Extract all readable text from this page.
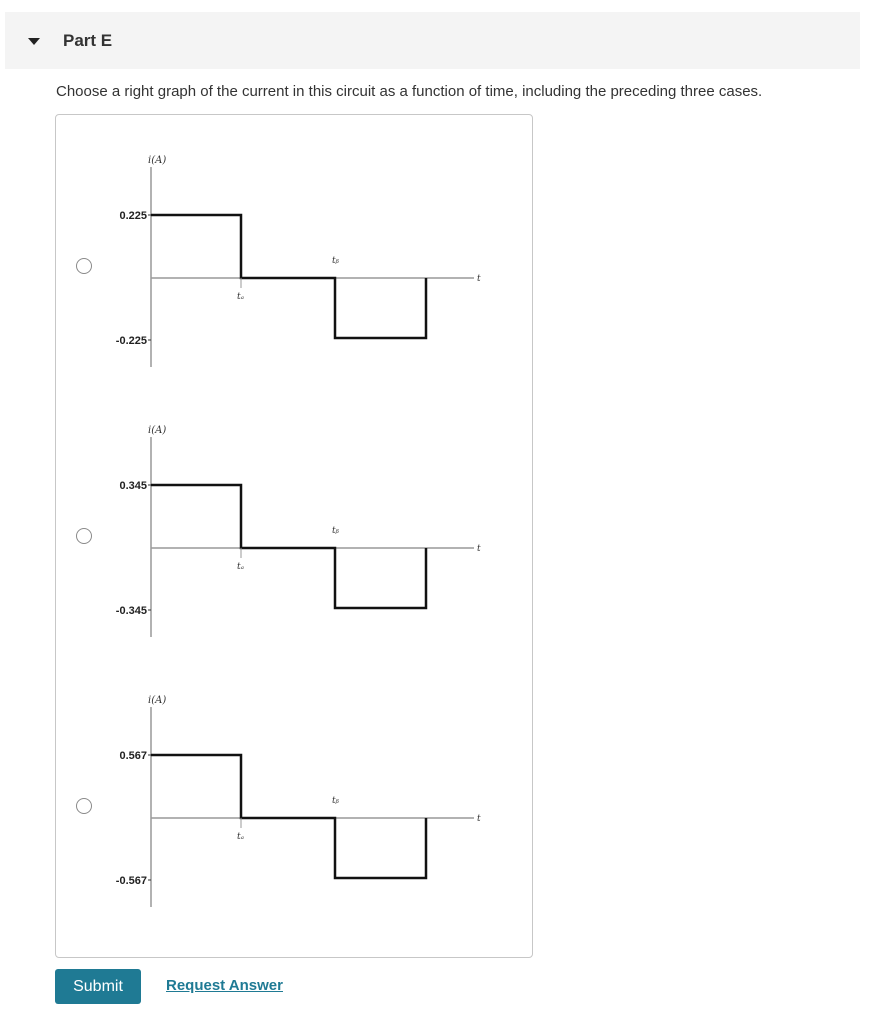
Part E
Choose a right graph of the current in this circuit as a function of time, including the preceding three cases.
i(A)
0.225
-0.225
tₐ
tᵦ
t
i(A)
0.345
-0.345
tₐ
tᵦ
t
i(A)
0.567
-0.567
tₐ
tᵦ
t
Submit	Request Answer
